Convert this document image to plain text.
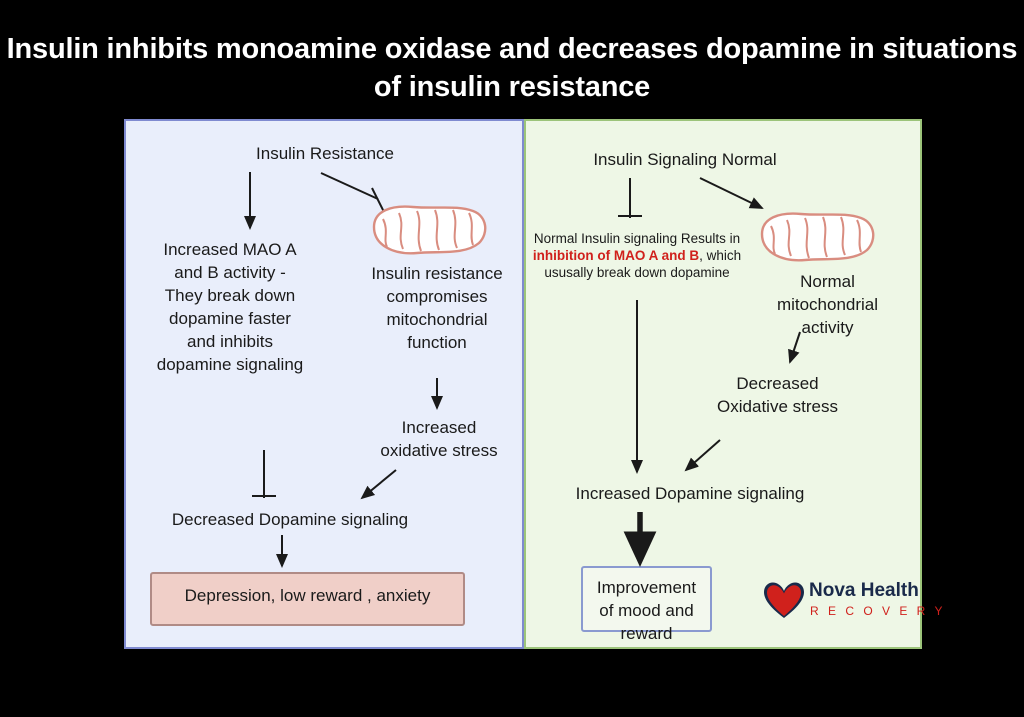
Insulin inhibits monoamine oxidase and decreases dopamine in situations of insulin resistance
Insulin Resistance
Increased MAO A and B activity - They break down dopamine faster and inhibits dopamine signaling
Insulin resistance compromises mitochondrial function
Increased oxidative stress
Decreased Dopamine signaling
Depression, low reward , anxiety
Insulin Signaling Normal
Normal Insulin signaling Results in inhibition of MAO A and B, which ususally break down dopamine	Normal mitochondrial activity
Decreased Oxidative stress
Increased Dopamine signaling
Improvement of mood and reward
Nova Health
R E C O V E R Y
